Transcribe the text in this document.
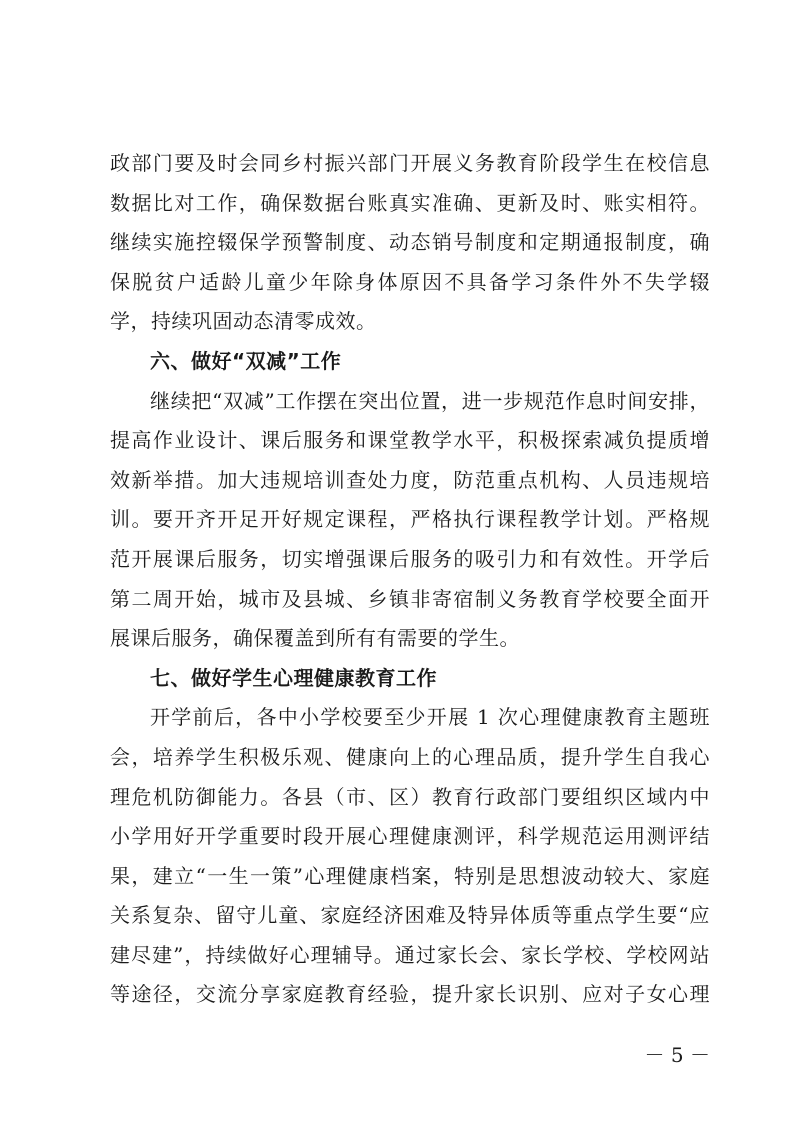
政部门要及时会同乡村振兴部门开展义务教育阶段学生在校信息
数据比对工作，确保数据台账真实准确、更新及时、账实相符。
继续实施控辍保学预警制度、动态销号制度和定期通报制度，确
保脱贫户适龄儿童少年除身体原因不具备学习条件外不失学辍
学，持续巩固动态清零成效。
六、做好“双减”工作
继续把“双减”工作摆在突出位置，进一步规范作息时间安排，
提高作业设计、课后服务和课堂教学水平，积极探索减负提质增
效新举措。加大违规培训查处力度，防范重点机构、人员违规培
训。要开齐开足开好规定课程，严格执行课程教学计划。严格规
范开展课后服务，切实增强课后服务的吸引力和有效性。开学后
第二周开始，城市及县城、乡镇非寄宿制义务教育学校要全面开
展课后服务，确保覆盖到所有有需要的学生。
七、做好学生心理健康教育工作
开学前后，各中小学校要至少开展 1 次心理健康教育主题班
会，培养学生积极乐观、健康向上的心理品质，提升学生自我心
理危机防御能力。各县（市、区）教育行政部门要组织区域内中
小学用好开学重要时段开展心理健康测评，科学规范运用测评结
果，建立“一生一策”心理健康档案，特别是思想波动较大、家庭
关系复杂、留守儿童、家庭经济困难及特异体质等重点学生要“应
建尽建”，持续做好心理辅导。通过家长会、家长学校、学校网站
等途径，交流分享家庭教育经验，提升家长识别、应对子女心理
－ 5 －
